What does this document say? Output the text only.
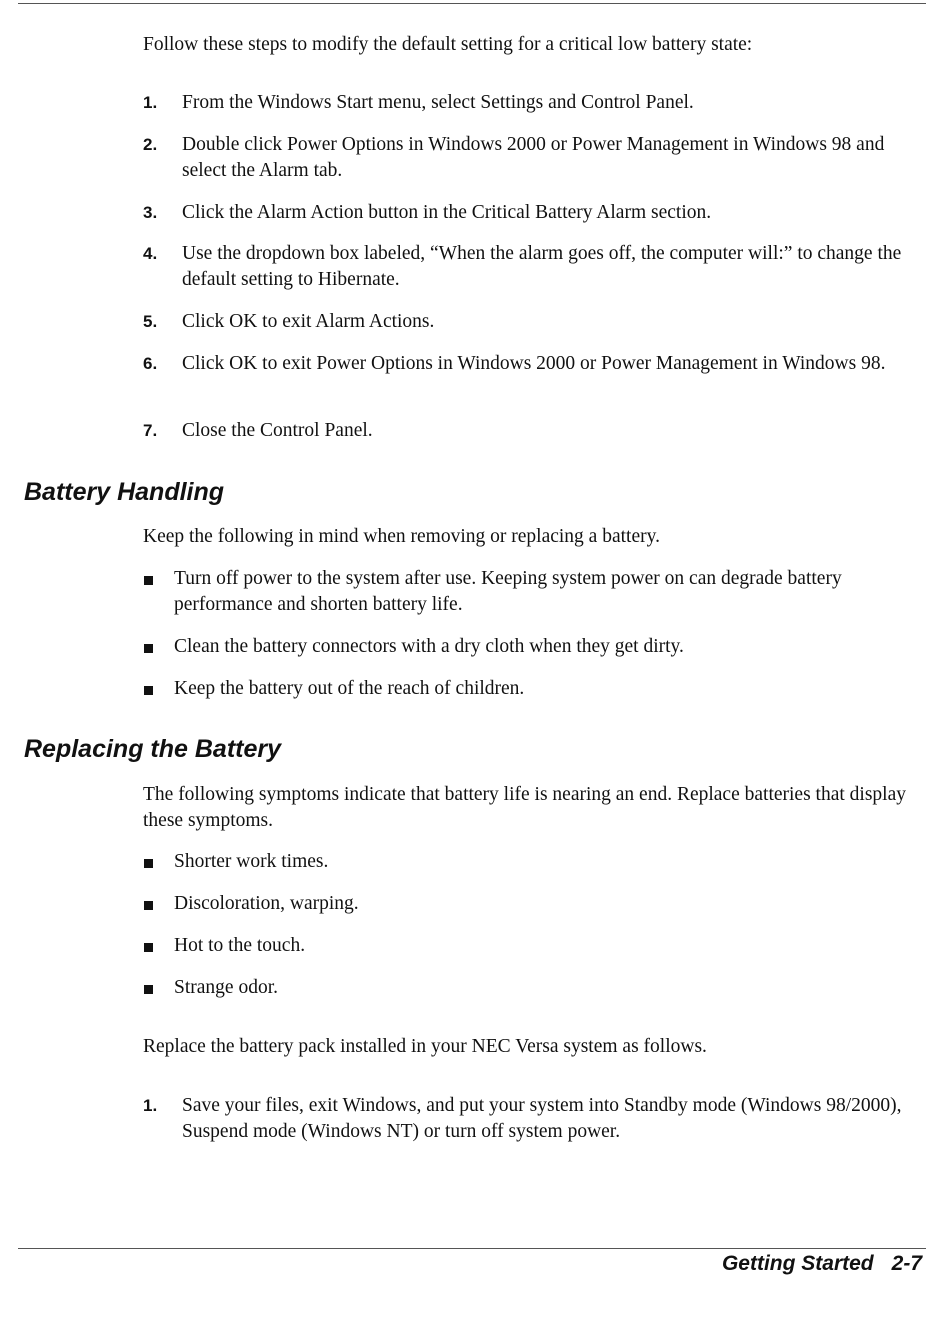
Follow these steps to modify the default setting for a critical low battery state:

1. From the Windows Start menu, select Settings and Control Panel.
2. Double click Power Options in Windows 2000 or Power Management in Windows 98 and select the Alarm tab.
3. Click the Alarm Action button in the Critical Battery Alarm section.
4. Use the dropdown box labeled, “When the alarm goes off, the computer will:” to change the default setting to Hibernate.
5. Click OK to exit Alarm Actions.
6. Click OK to exit Power Options in Windows 2000 or Power Management in Windows 98.
7. Close the Control Panel.
Battery Handling

Keep the following in mind when removing or replacing a battery.

Turn off power to the system after use. Keeping system power on can degrade battery performance and shorten battery life.
Clean the battery connectors with a dry cloth when they get dirty.
Keep the battery out of the reach of children.
Replacing the Battery

The following symptoms indicate that battery life is nearing an end. Replace batteries that display these symptoms.

Shorter work times.
Discoloration, warping.
Hot to the touch.
Strange odor.

Replace the battery pack installed in your NEC Versa system as follows.

1. Save your files, exit Windows, and put your system into Standby mode (Windows 98/2000), Suspend mode (Windows NT) or turn off system power.
Getting Started 2-7
